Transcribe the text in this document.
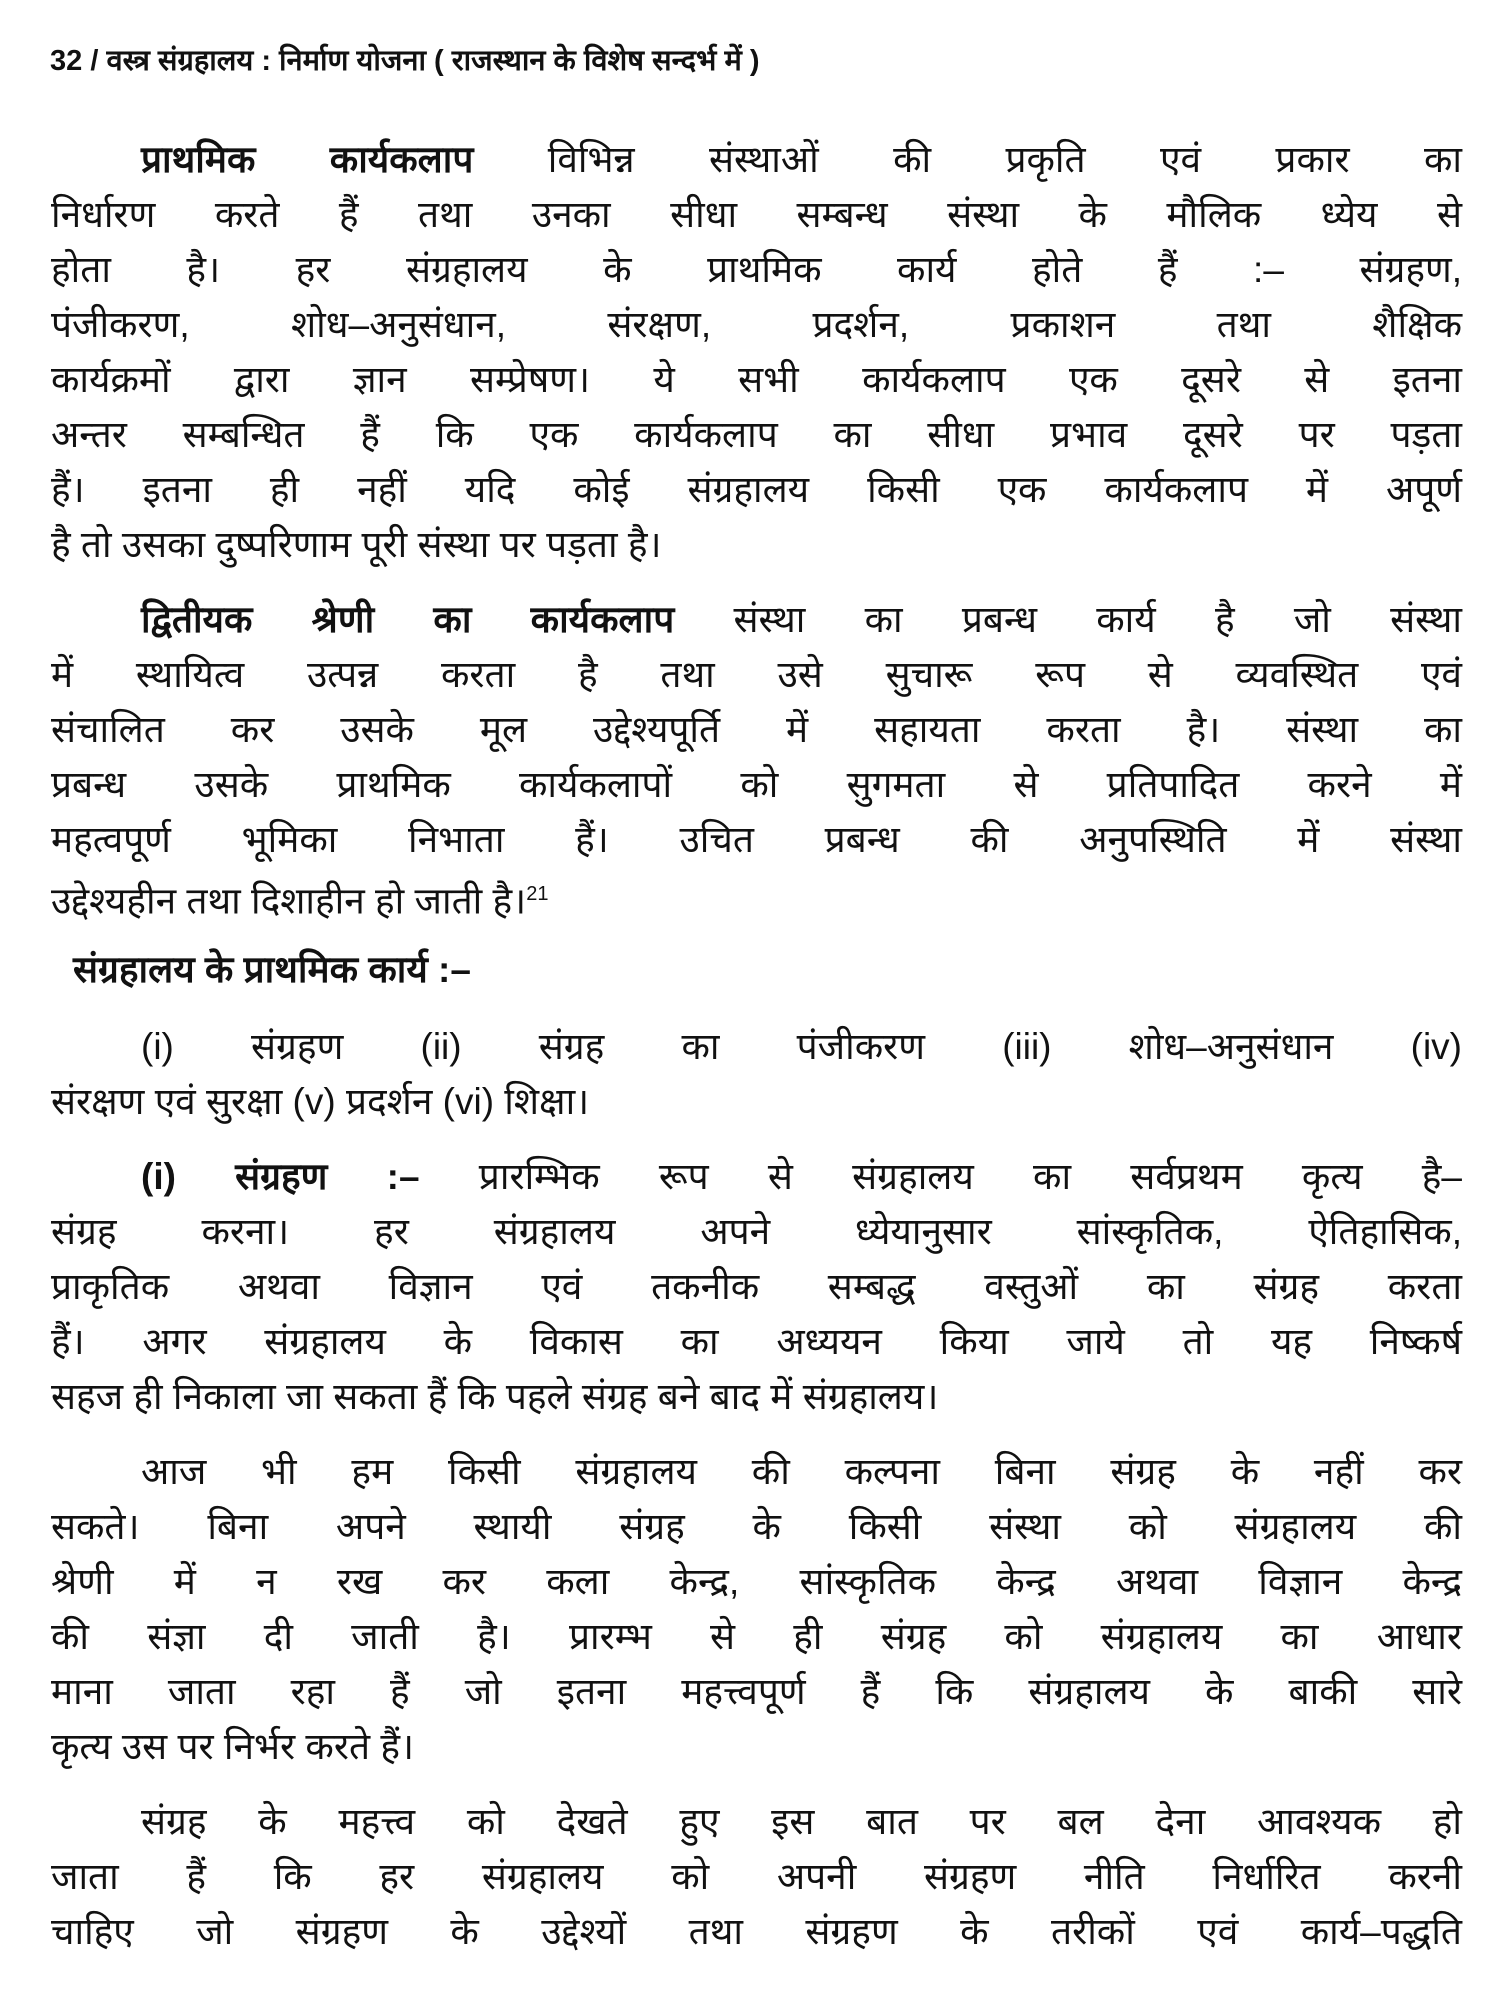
32 / वस्त्र संग्रहालय : निर्माण योजना ( राजस्थान के विशेष सन्दर्भ में )
प्राथमिक कार्यकलाप विभिन्न संस्थाओं की प्रकृति एवं प्रकार का
निर्धारण करते हैं तथा उनका सीधा सम्बन्ध संस्था के मौलिक ध्येय से
होता है। हर संग्रहालय के प्राथमिक कार्य होते हैं :– संग्रहण,
पंजीकरण, शोध–अनुसंधान, संरक्षण, प्रदर्शन, प्रकाशन तथा शैक्षिक
कार्यक्रमों द्वारा ज्ञान सम्प्रेषण। ये सभी कार्यकलाप एक दूसरे से इतना
अन्तर सम्बन्धित हैं कि एक कार्यकलाप का सीधा प्रभाव दूसरे पर पड़ता
हैं। इतना ही नहीं यदि कोई संग्रहालय किसी एक कार्यकलाप में अपूर्ण
है तो उसका दुष्परिणाम पूरी संस्था पर पड़ता है।
द्वितीयक श्रेणी का कार्यकलाप संस्था का प्रबन्ध कार्य है जो संस्था
में स्थायित्व उत्पन्न करता है तथा उसे सुचारू रूप से व्यवस्थित एवं
संचालित कर उसके मूल उद्देश्यपूर्ति में सहायता करता है। संस्था का
प्रबन्ध उसके प्राथमिक कार्यकलापों को सुगमता से प्रतिपादित करने में
महत्वपूर्ण भूमिका निभाता हैं। उचित प्रबन्ध की अनुपस्थिति में संस्था
उद्देश्यहीन तथा दिशाहीन हो जाती है।$^{21}$
संग्रहालय के प्राथमिक कार्य :–
(i) संग्रहण (ii) संग्रह का पंजीकरण (iii) शोध–अनुसंधान (iv)
संरक्षण एवं सुरक्षा (v) प्रदर्शन (vi) शिक्षा।
(i) संग्रहण :– प्रारम्भिक रूप से संग्रहालय का सर्वप्रथम कृत्य है–
संग्रह करना। हर संग्रहालय अपने ध्येयानुसार सांस्कृतिक, ऐतिहासिक,
प्राकृतिक अथवा विज्ञान एवं तकनीक सम्बद्ध वस्तुओं का संग्रह करता
हैं। अगर संग्रहालय के विकास का अध्ययन किया जाये तो यह निष्कर्ष
सहज ही निकाला जा सकता हैं कि पहले संग्रह बने बाद में संग्रहालय।
आज भी हम किसी संग्रहालय की कल्पना बिना संग्रह के नहीं कर
सकते। बिना अपने स्थायी संग्रह के किसी संस्था को संग्रहालय की
श्रेणी में न रख कर कला केन्द्र, सांस्कृतिक केन्द्र अथवा विज्ञान केन्द्र
की संज्ञा दी जाती है। प्रारम्भ से ही संग्रह को संग्रहालय का आधार
माना जाता रहा हैं जो इतना महत्त्वपूर्ण हैं कि संग्रहालय के बाकी सारे
कृत्य उस पर निर्भर करते हैं।
संग्रह के महत्त्व को देखते हुए इस बात पर बल देना आवश्यक हो
जाता हैं कि हर संग्रहालय को अपनी संग्रहण नीति निर्धारित करनी
चाहिए जो संग्रहण के उद्देश्यों तथा संग्रहण के तरीकों एवं कार्य–पद्धति
